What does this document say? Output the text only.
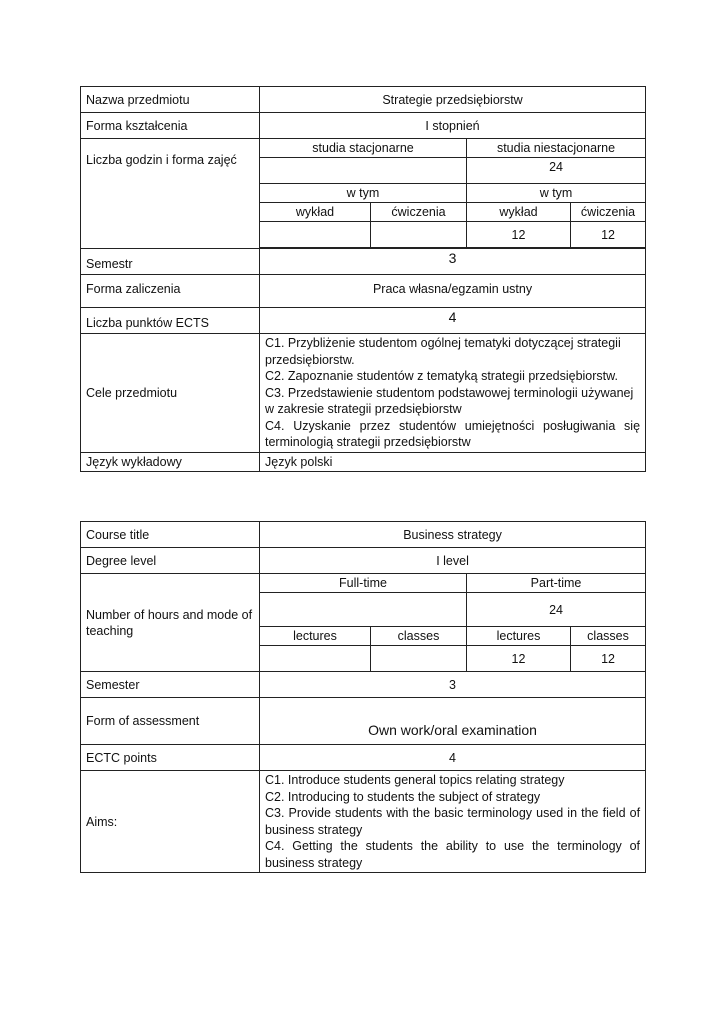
Nazwa przedmiotu	Strategie przedsiębiorstw			
Forma kształcenia	I stopnień			
Liczba godzin i forma zajęć	studia stacjonarne		studia niestacjonarne	
			24	
	w tym		w tym	
	wykład	ćwiczenia	wykład	ćwiczenia
			12	12

Semestr	3			
Forma zaliczenia	Praca własna/egzamin ustny			
Liczba punktów ECTS	4			
Cele przedmiotu	C1. Przybliżenie studentom ogólnej tematyki dotyczącej strategii przedsiębiorstw.
C2. Zapoznanie studentów z tematyką strategii przedsiębiorstw.
C3. Przedstawienie studentom podstawowej terminologii używanej w zakresie strategii przedsiębiorstw
C4. Uzyskanie przez studentów umiejętności posługiwania się terminologią strategii przedsiębiorstw			

Język wykładowy	Język polski			
Course title	Business strategy			
Degree level	I level			
Number of hours and mode of teaching	Full-time		Part-time	
			24	
	lectures	classes	lectures	classes
			12	12
Semester	3			
Form of assessment	Own work/oral examination			
ECTC points	4			
Aims:	C1. Introduce students general topics relating strategy
C2. Introducing to students the subject of strategy
C3. Provide students with the basic terminology used in the field of business strategy
C4. Getting the students the ability to use the terminology of business strategy			
